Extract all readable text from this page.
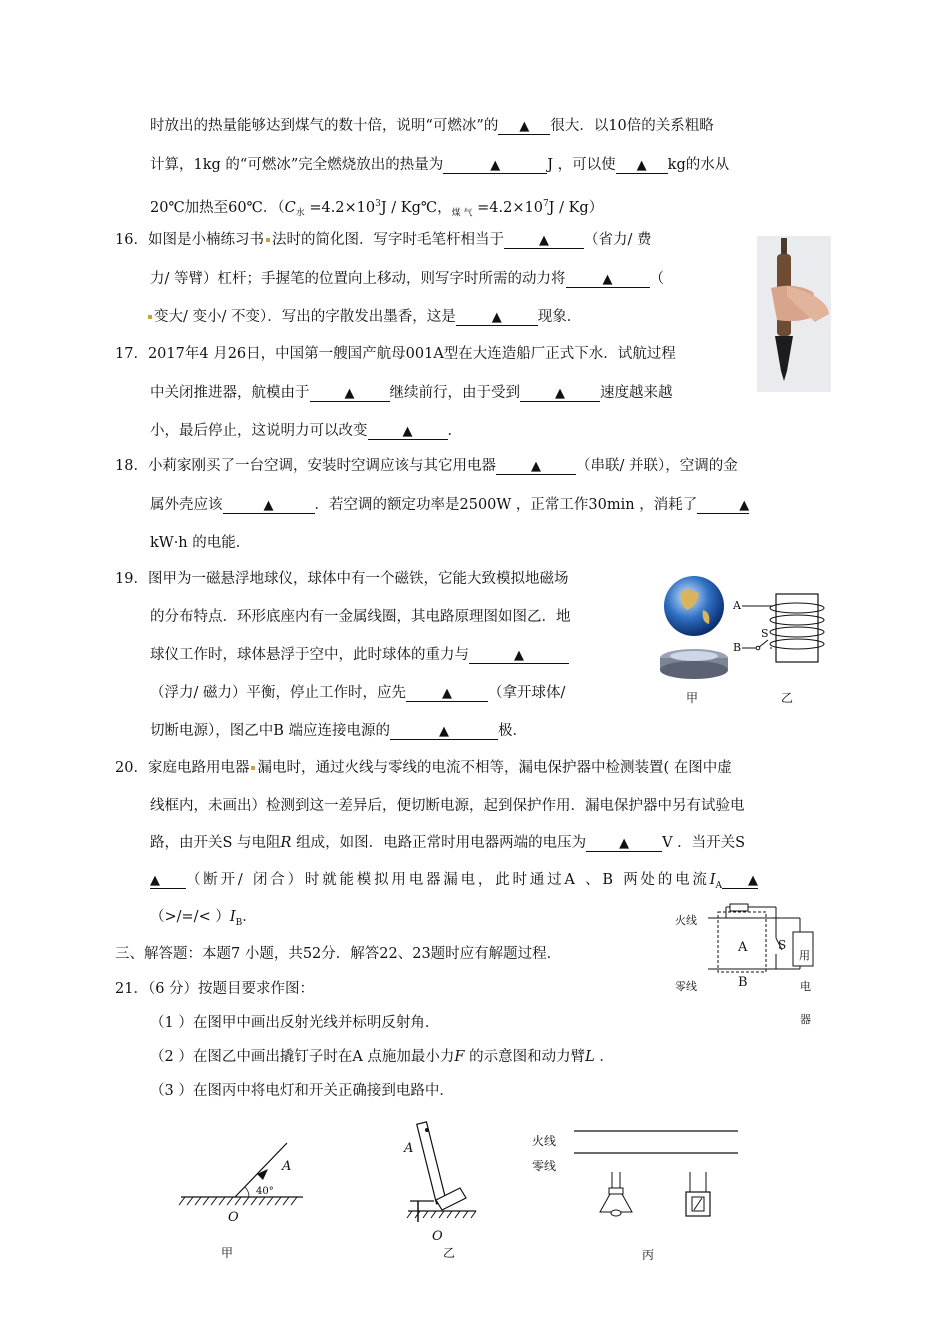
时放出的热量能够达到煤气的数十倍，说明“可燃冰”的 ▲ 很大．以10倍的关系粗略
计算，1kg 的“可燃冰”完全燃烧放出的热量为	▲	J ，可以使 ▲ kg的水从
20℃加热至60℃．（$C_水 =4.2\times 10^3J$ / Kg℃，$_{煤 气} =4.2\times 10^7J / Kg$）
16．如图是小楠练习书 法时的简化图．写字时毛笔杆相当于	▲ （省力/ 费
力/ 等臂）杠杆；手握笔的位置向上移动，则写字时所需的动力将	▲	（
变大/ 变小/ 不变）．写出的字散发出墨香，这是	▲ 现象．
17．2017年4 月26日，中国第一艘国产航母001A型在大连造船厂正式下水．试航过程
中关闭推进器，航模由于	▲ 继续前行，由于受到	▲ 速度越来越
小，最后停止，这说明力可以改变	▲ ．
18．小莉家刚买了一台空调，安装时空调应该与其它用电器	▲ （串联/ 并联），空调的金
属外壳应该	▲	．若空调的额定功率是2500W ，正常工作30min ，消耗了	▲
kW·h 的电能．
19．图甲为一磁悬浮地球仪，球体中有一个磁铁，它能大致模拟地磁场
的分布特点．环形底座内有一金属线圈，其电路原理图如图乙．地
球仪工作时，球体悬浮于空中，此时球体的重力与	▲
（浮力/ 磁力）平衡，停止工作时，应先	▲ （拿开球体/
切断电源），图乙中B 端应连接电源的	▲	极．
甲
A
B
S
乙
20．家庭电路用电器 漏电时，通过火线与零线的电流不相等，漏电保护器中检测装置( 在图中虚
线框内，未画出）检测到这一差异后，便切断电源，起到保护作用．漏电保护器中另有试验电
路，由开关S 与电阻R 组成，如图．电路正常时用电器两端的电压为	▲ V ．当开关S
▲ （断开/ 闭合）时就能模拟用电器漏电，此时通过A 、B 两处的电流$I_A$ ▲
（>/=/< ）$I_B$．	火线
A	S
用
零线	B	电
器
三、解答题：本题7 小题，共52分．解答22、23题时应有解题过程．
21．（6 分）按题目要求作图：
（1 ）在图甲中画出反射光线并标明反射角．
（2 ）在图乙中画出撬钉子时在A 点施加最小力F 的示意图和动力臂L ．
（3 ）在图丙中将电灯和开关正确接到电路中．
A
40°
O
甲
A
O
乙
火线
零线
丙
